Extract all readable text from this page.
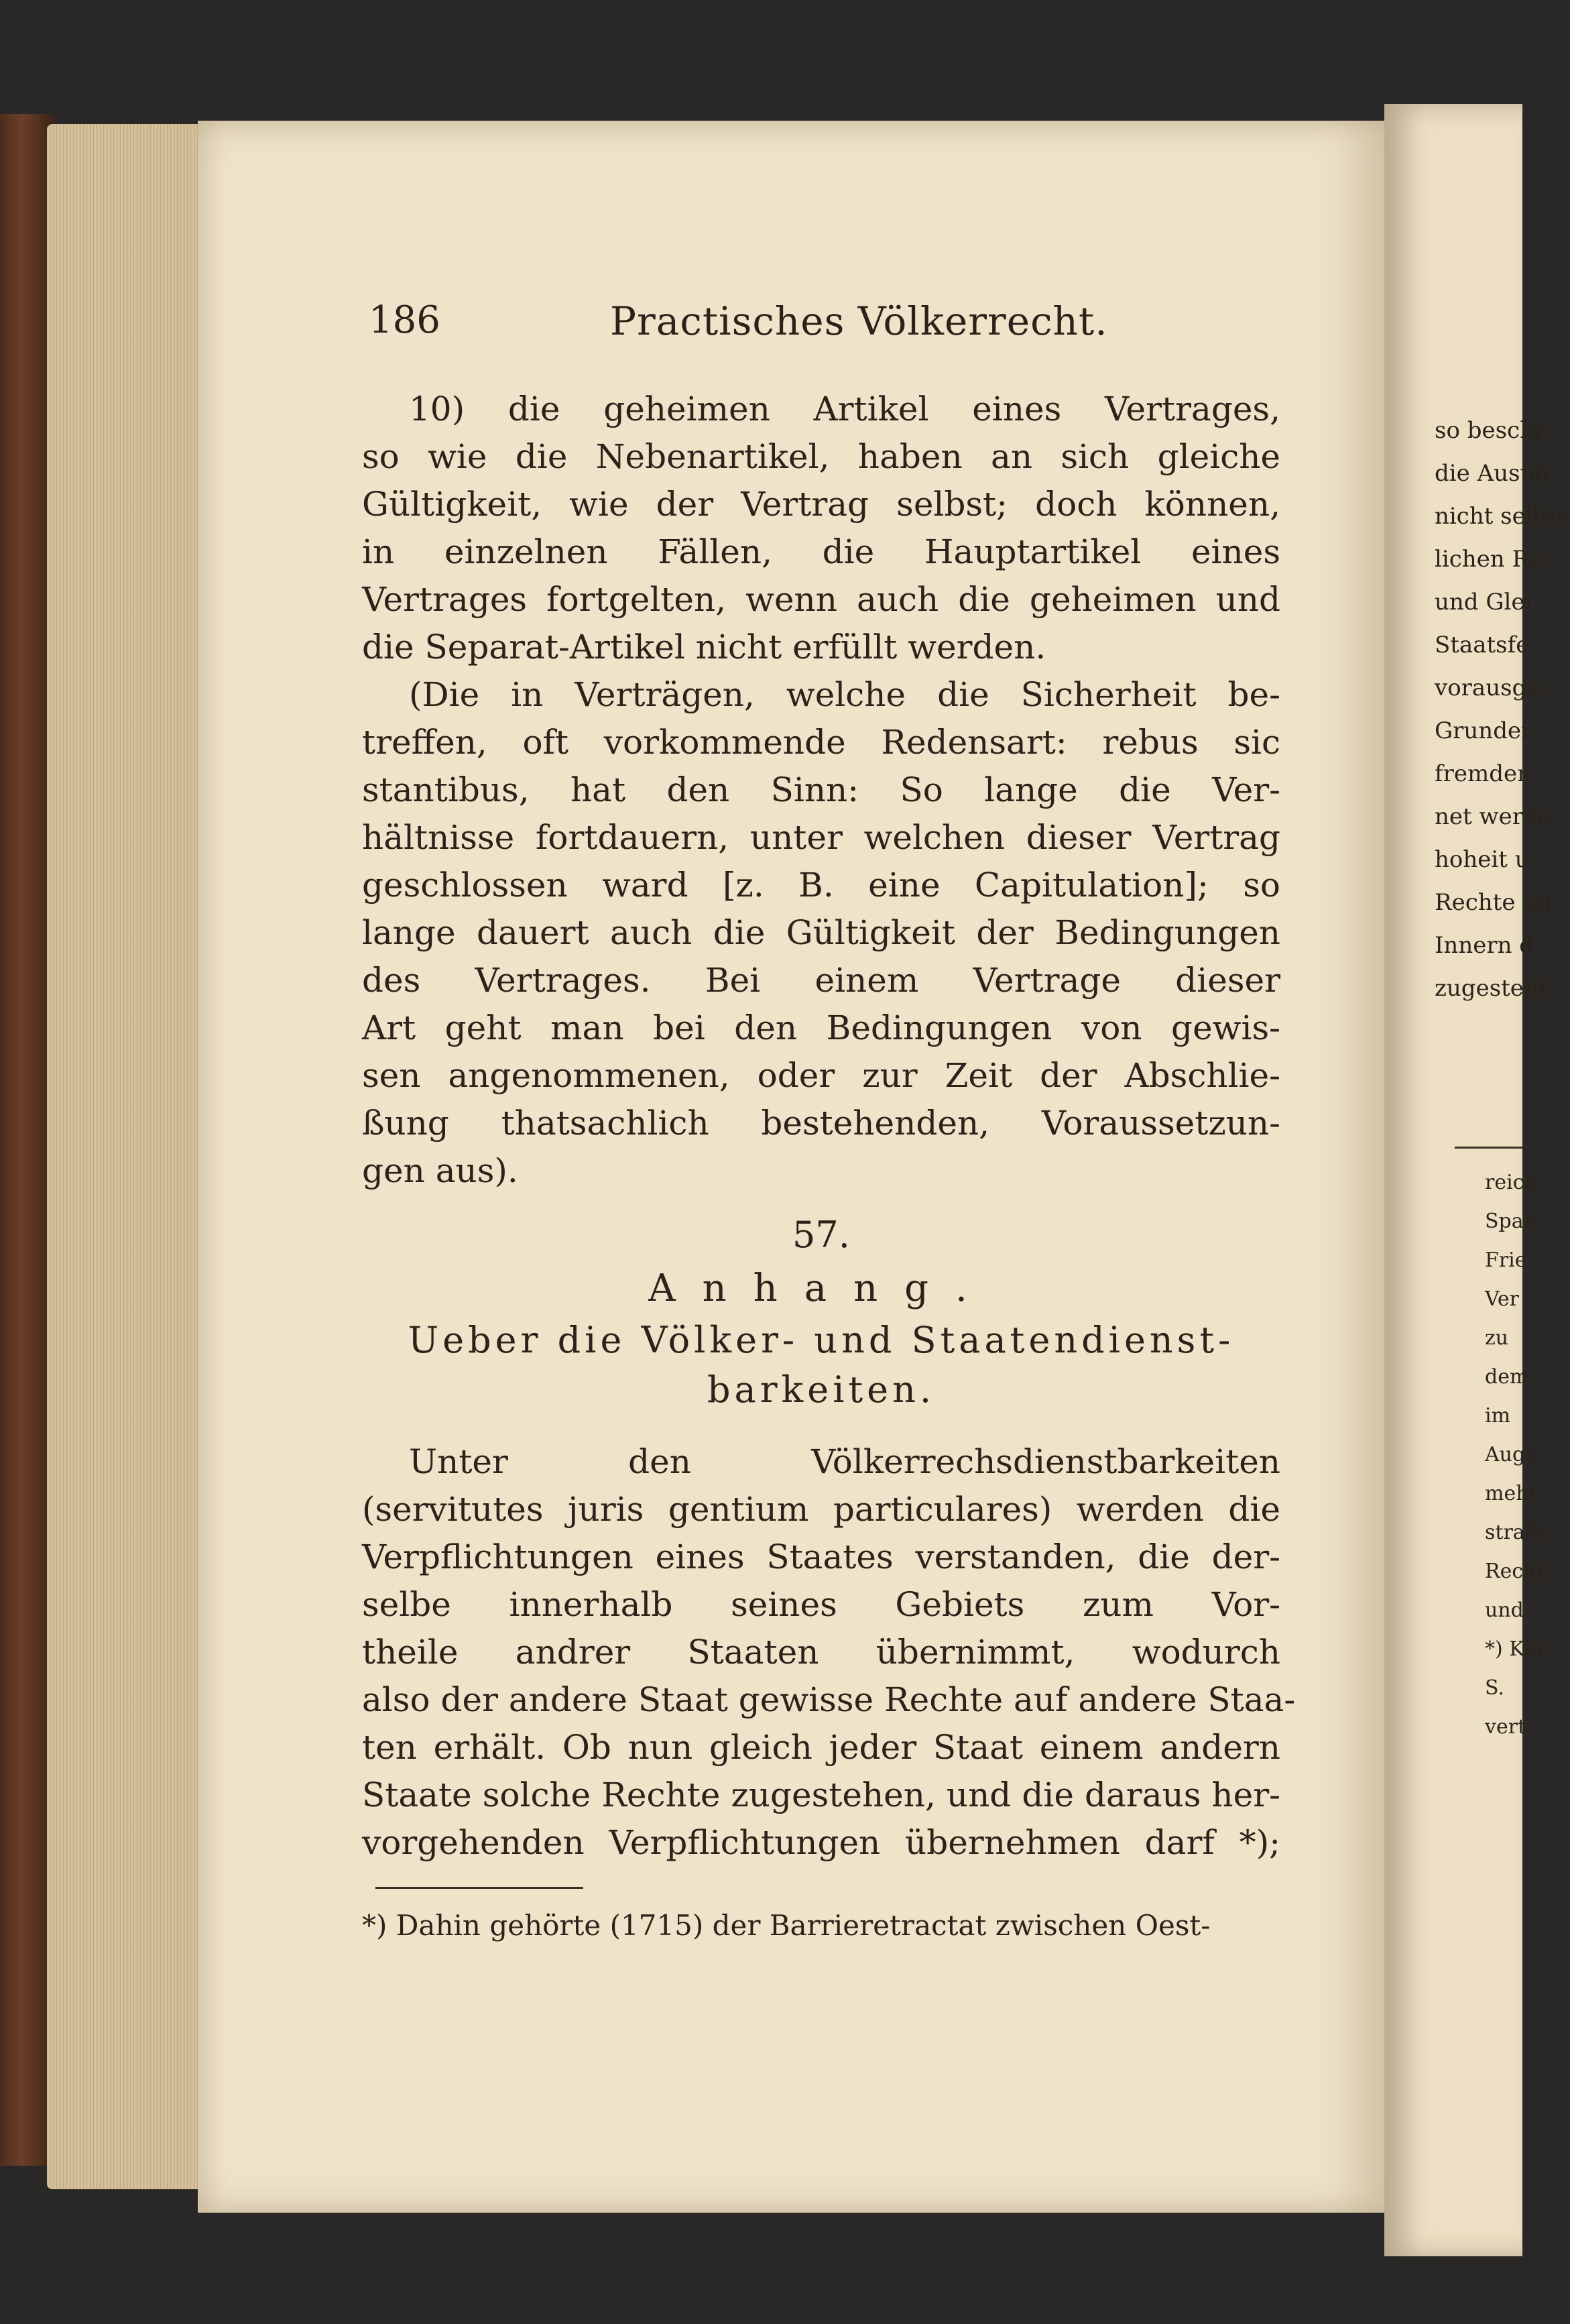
186	Practisches Völkerrecht.
10) die geheimen Artikel eines Vertrages,
so wie die Nebenartikel, haben an sich gleiche
Gültigkeit, wie der Vertrag selbst; doch können,
in einzelnen Fällen, die Hauptartikel eines
Vertrages fortgelten, wenn auch die geheimen und
die Separat-Artikel nicht erfüllt werden.
(Die in Verträgen, welche die Sicherheit be-
treffen, oft vorkommende Redensart: rebus sic
stantibus, hat den Sinn: So lange die Ver-
hältnisse fortdauern, unter welchen dieser Vertrag
geschlossen ward [z. B. eine Capitulation]; so
lange dauert auch die Gültigkeit der Bedingungen
des Vertrages. Bei einem Vertrage dieser
Art geht man bei den Bedingungen von gewis-
sen angenommenen, oder zur Zeit der Abschlie-
ßung thatsachlich bestehenden, Voraussetzun-
gen aus).
57.
Anhang.
Ueber die Völker- und Staatendienst-
barkeiten.
Unter den Völkerrechsdienstbarkeiten
(servitutes juris gentium particulares) werden die
Verpflichtungen eines Staates verstanden, die der-
selbe innerhalb seines Gebiets zum Vor-
theile andrer Staaten übernimmt, wodurch
also der andere Staat gewisse Rechte auf andere Staa-
ten erhält. Ob nun gleich jeder Staat einem andern
Staate solche Rechte zugestehen, und die daraus her-
vorgehenden Verpflichtungen übernehmen darf *);
*) Dahin gehörte (1715) der Barrieretractat zwischen Oest-
so beschr
die Ausüb
nicht selten
lichen Re
und Glei
Staatsfe
vorausge
Grundei
fremden
net werde
hoheit u
Rechte un
Innern d
zugesteht
reich
Span
Frie
Ver
zu
dem
im
Augs
mehr
straße
Recht
und
*) Klü
S.
vert
